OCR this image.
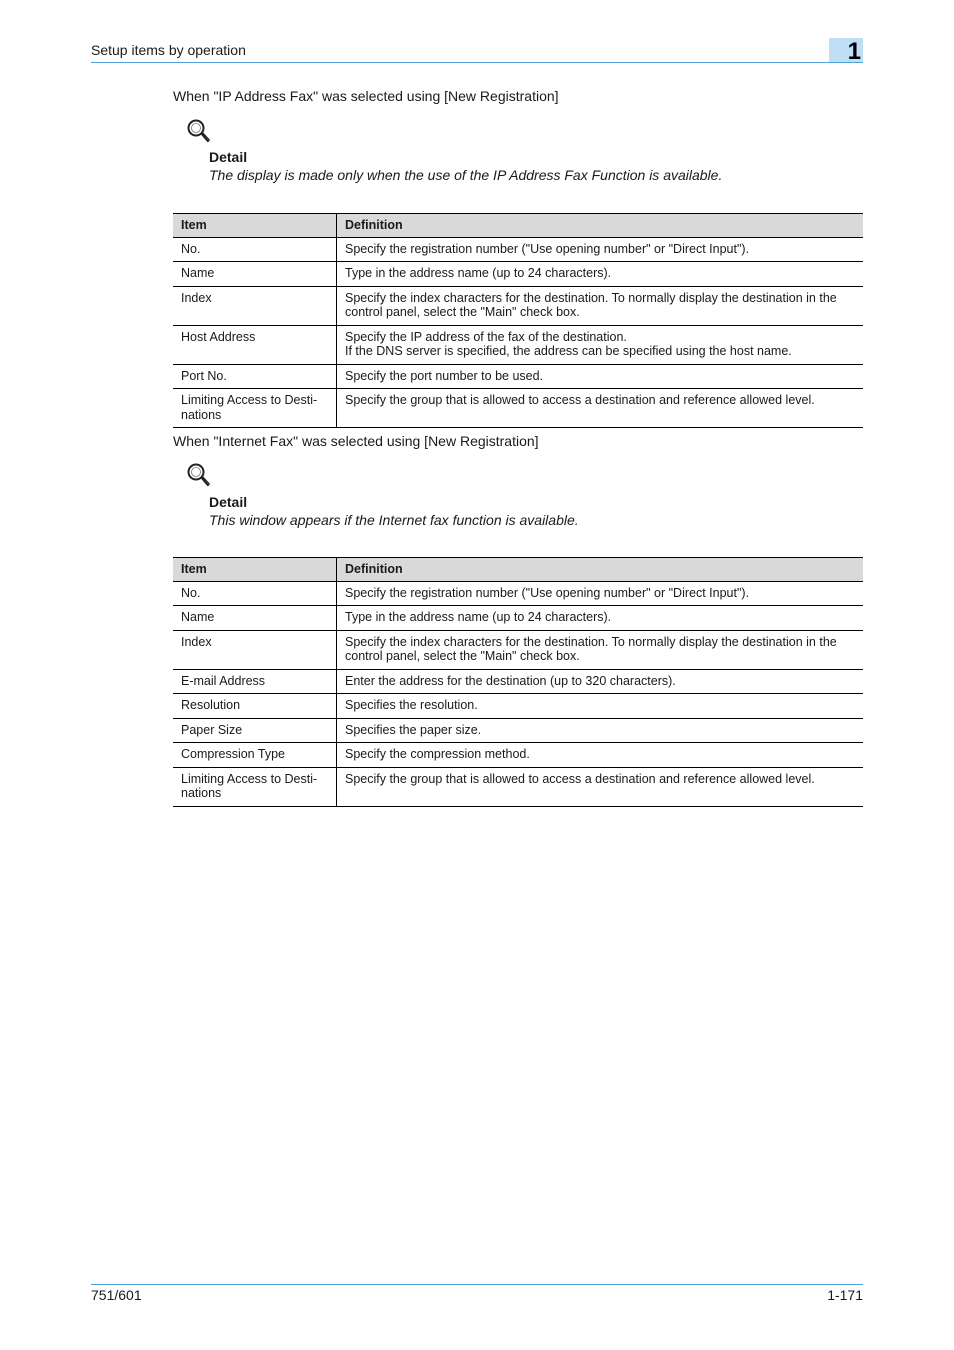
Setup items by operation	1
When "IP Address Fax" was selected using [New Registration]
Detail
The display is made only when the use of the IP Address Fax Function is available.
Item	Definition
No.	Specify the registration number ("Use opening number" or "Direct Input").
Name	Type in the address name (up to 24 characters).
Index	Specify the index characters for the destination. To normally display the destination in the control panel, select the "Main" check box.
Host Address	Specify the IP address of the fax of the destination.
If the DNS server is specified, the address can be specified using the host name.
Port No.	Specify the port number to be used.
Limiting Access to Desti-
nations	Specify the group that is allowed to access a destination and reference allowed level.
When "Internet Fax" was selected using [New Registration]
Detail
This window appears if the Internet fax function is available.
Item	Definition
No.	Specify the registration number ("Use opening number" or "Direct Input").
Name	Type in the address name (up to 24 characters).
Index	Specify the index characters for the destination. To normally display the destination in the control panel, select the "Main" check box.
E-mail Address	Enter the address for the destination (up to 320 characters).
Resolution	Specifies the resolution.
Paper Size	Specifies the paper size.
Compression Type	Specify the compression method.
Limiting Access to Desti-
nations	Specify the group that is allowed to access a destination and reference allowed level.
751/601	1-171
